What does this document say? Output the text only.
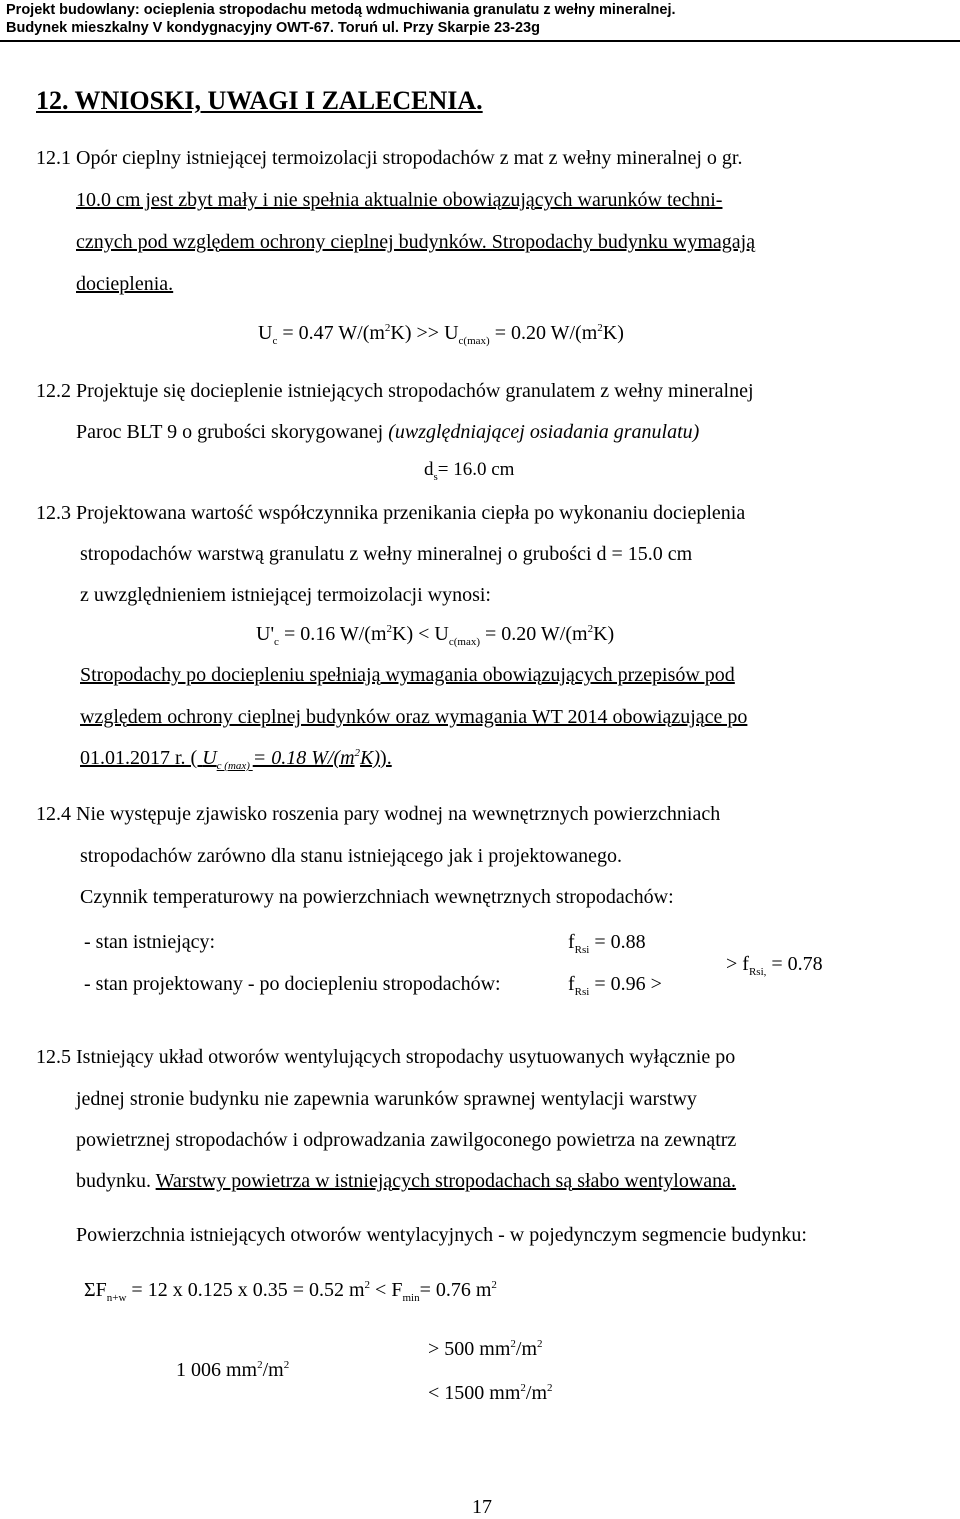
Projekt budowlany: ocieplenia stropodachu metodą wdmuchiwania granulatu z wełny mineralnej.
Budynek mieszkalny V kondygnacyjny OWT-67. Toruń ul. Przy Skarpie 23-23g
12. WNIOSKI, UWAGI I ZALECENIA.
12.1 Opór cieplny istniejącej termoizolacji stropodachów z mat z wełny mineralnej o gr.
10.0 cm jest zbyt mały i nie spełnia aktualnie obowiązujących warunków techni-
cznych pod względem ochrony cieplnej budynków. Stropodachy budynku wymagają
docieplenia.
$U_c = 0.47$ $W/(m^2K) >> U_{c(max)} = 0.20$ $W/(m^2K)$
12.2 Projektuje się docieplenie istniejących stropodachów granulatem z wełny mineralnej
Paroc BLT 9 o grubości skorygowanej (uwzględniającej osiadania granulatu)
$d_s= 16.0$ cm
12.3 Projektowana wartość współczynnika przenikania ciepła po wykonaniu docieplenia
stropodachów warstwą granulatu z wełny mineralnej o grubości d = 15.0 cm
z uwzględnieniem istniejącej termoizolacji wynosi:
$U'_c = 0.16$ $W/(m^2K) < U_{c(max)} = 0.20$ $W/(m^2K)$
Stropodachy po dociepleniu spełniają wymagania obowiązujących przepisów pod
względem ochrony cieplnej budynków oraz wymagania WT 2014 obowiązujące po
01.01.2017 r. ( $U_{c (max)} = 0.18$ $W/(m^2K)$).
12.4 Nie występuje zjawisko roszenia pary wodnej na wewnętrznych powierzchniach
stropodachów zarówno dla stanu istniejącego jak i projektowanego.
Czynnik temperaturowy na powierzchniach wewnętrznych stropodachów:
- stan istniejący:	$f_{Rsi} = 0.88$
- stan projektowany - po dociepleniu stropodachów:	$f_{Rsi} = 0.96$ >
> $f_{Rsi,} = 0.78$
12.5 Istniejący układ otworów wentylujących stropodachy usytuowanych wyłącznie po
jednej stronie budynku nie zapewnia warunków sprawnej wentylacji warstwy
powietrznej stropodachów i odprowadzania zawilgoconego powietrza na zewnątrz
budynku. Warstwy powietrza w istniejących stropodachach są słabo wentylowana.
Powierzchnia istniejących otworów wentylacyjnych - w pojedynczym segmencie budynku:
$\Sigma F_{n+w} = 12$ x 0.125 x 0.35 = 0.52 $m^2 < F_{min}= 0.76$ $m^2$
1 006 $mm^2/m^2$
> 500 $mm^2/m^2$
< 1500 $mm^2/m^2$
17
